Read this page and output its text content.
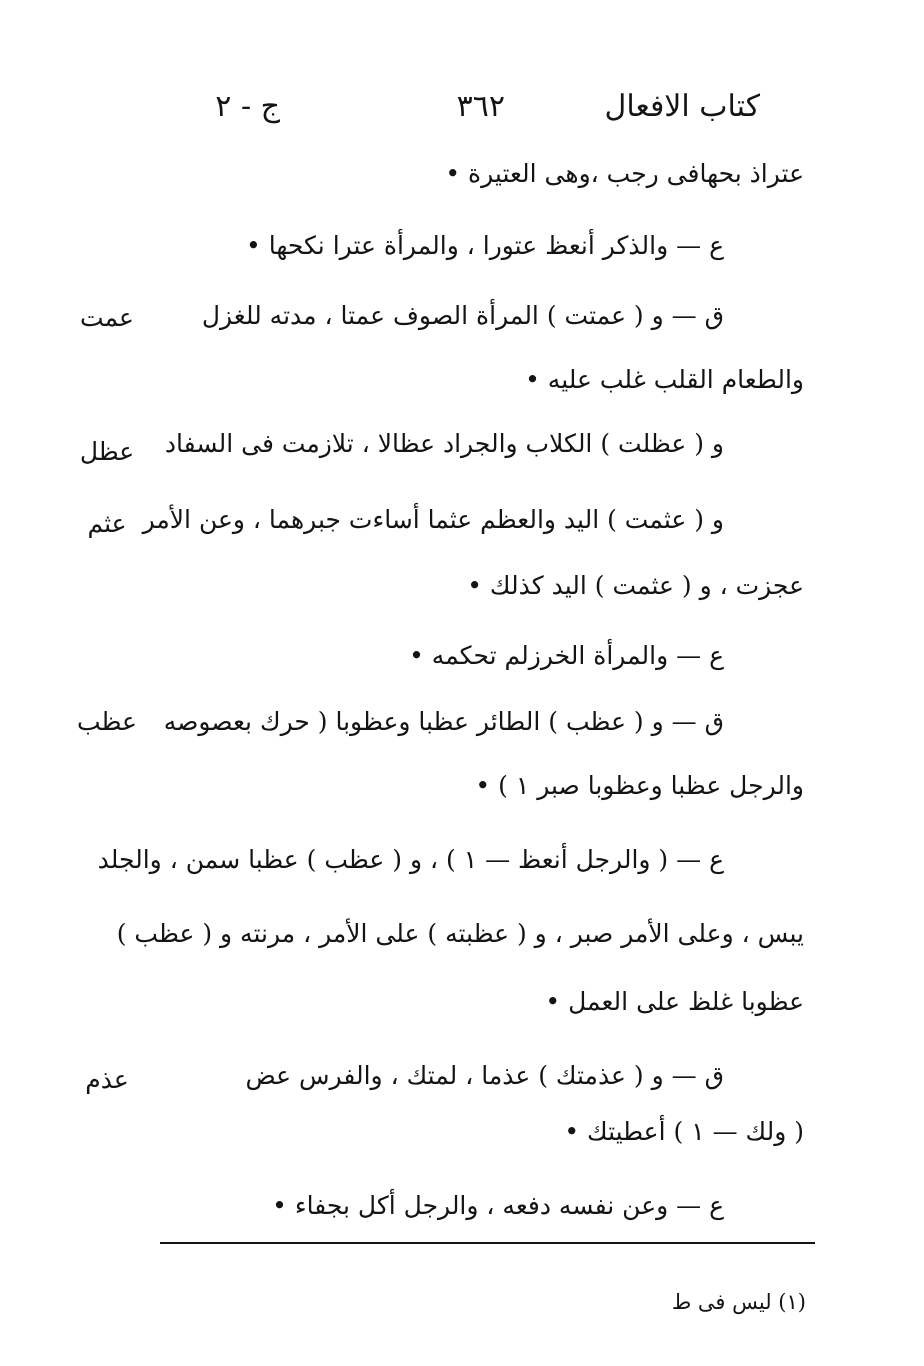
كتاب الافعال
٣٦٢
ج - ٢
عتراذ بحهافى رجب ،وهى العتيرة •
ع — والذكر أنعظ عتورا ، والمرأة عترا نكحها •
ق — و ( عمتت ) المرأة الصوف عمتا ، مدته للغزل
والطعام القلب غلب عليه •
و ( عظلت ) الكلاب والجراد عظالا ، تلازمت فى السفاد
و ( عثمت ) اليد والعظم عثما أساءت جبرهما ، وعن الأمر
عجزت ، و ( عثمت ) اليد كذلك •
ع — والمرأة الخرزلم تحكمه •
ق — و ( عظب ) الطائر عظبا وعظوبا ( حرك بعصوصه
والرجل عظبا وعظوبا صبر ١ ) •
ع — ( والرجل أنعظ — ١ ) ، و ( عظب ) عظبا سمن ، والجلد
يبس ، وعلى الأمر صبر ، و ( عظبته ) على الأمر ، مرنته و ( عظب )
عظوبا غلظ على العمل •
ق — و ( عذمتك ) عذما ، لمتك ، والفرس عض
( ولك — ١ ) أعطيتك •
ع — وعن نفسه دفعه ، والرجل أكل بجفاء •
عمت
عظل
عثم
عظب
عذم
(١) ليس فى ط
